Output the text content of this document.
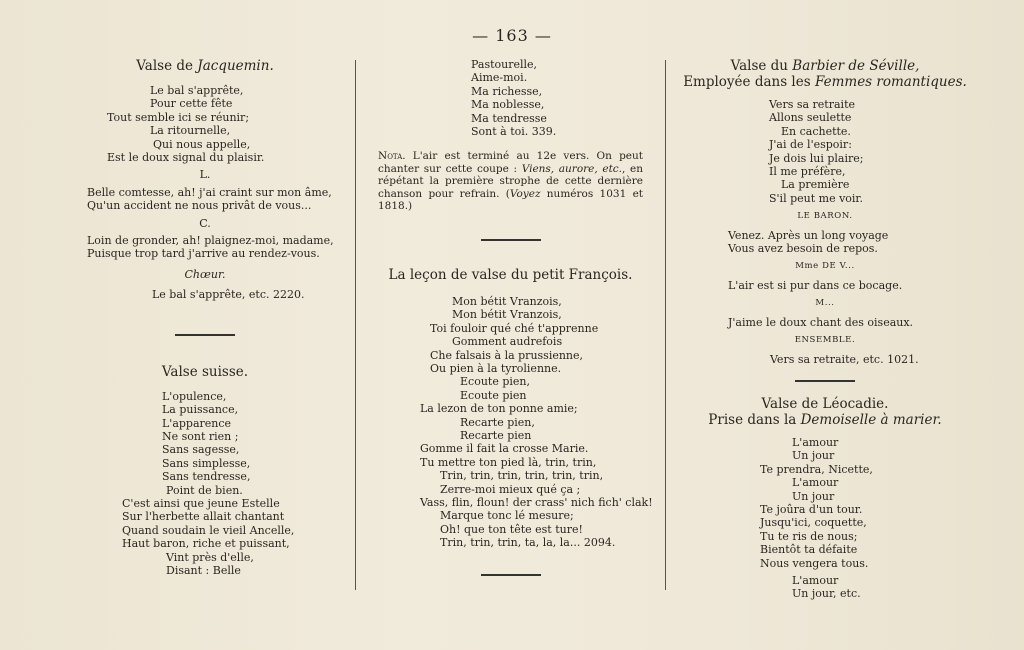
— 163 —
Valse de Jacquemin.
Le bal s'apprête,
Pour cette fête
Tout semble ici se réunir;
La ritournelle,
Qui nous appelle,
Est le doux signal du plaisir.
L.
Belle comtesse, ah! j'ai craint sur mon âme,
Qu'un accident ne nous privât de vous...
C.
Loin de gronder, ah! plaignez-moi, madame,
Puisque trop tard j'arrive au rendez-vous.
Chœur.
Le bal s'apprête, etc. 2220.
Valse suisse.
L'opulence,
La puissance,
L'apparence
Ne sont rien ;
Sans sagesse,
Sans simplesse,
Sans tendresse,
Point de bien.
C'est ainsi que jeune Estelle
Sur l'herbette allait chantant
Quand soudain le vieil Ancelle,
Haut baron, riche et puissant,
Vint près d'elle,
Disant : Belle
Pastourelle,
Aime-moi.
Ma richesse,
Ma noblesse,
Ma tendresse
Sont à toi. 339.
Nota. L'air est terminé au 12e vers. On peut chanter sur cette coupe : Viens, aurore, etc., en répétant la première strophe de cette dernière chanson pour refrain. (Voyez numéros 1031 et 1818.)
La leçon de valse du petit François.
Mon bétit Vranzois,
Mon bétit Vranzois,
Toi fouloir qué ché t'apprenne
Gomment audrefois
Che falsais à la prussienne,
Ou pien à la tyrolienne.
Ecoute pien,
Ecoute pien
La lezon de ton ponne amie;
Recarte pien,
Recarte pien
Gomme il fait la crosse Marie.
Tu mettre ton pied là, trin, trin,
Trin, trin, trin, trin, trin, trin,
Zerre-moi mieux qué ça ;
Vass, flin, floun! der crass' nich fich' clak!
Marque tonc lé mesure;
Oh! que ton tête est ture!
Trin, trin, trin, ta, la, la... 2094.
Valse du Barbier de Séville,
Employée dans les Femmes romantiques.
Vers sa retraite
Allons seulette
En cachette.
J'ai de l'espoir:
Je dois lui plaire;
Il me préfère,
La première
S'il peut me voir.
LE BARON.
Venez. Après un long voyage
Vous avez besoin de repos.
Mme DE V...
L'air est si pur dans ce bocage.
M...
J'aime le doux chant des oiseaux.
ENSEMBLE.
Vers sa retraite, etc. 1021.
Valse de Léocadie.
Prise dans la Demoiselle à marier.
L'amour
Un jour
Te prendra, Nicette,
L'amour
Un jour
Te joûra d'un tour.
Jusqu'ici, coquette,
Tu te ris de nous;
Bientôt ta défaite
Nous vengera tous.
L'amour
Un jour, etc.
